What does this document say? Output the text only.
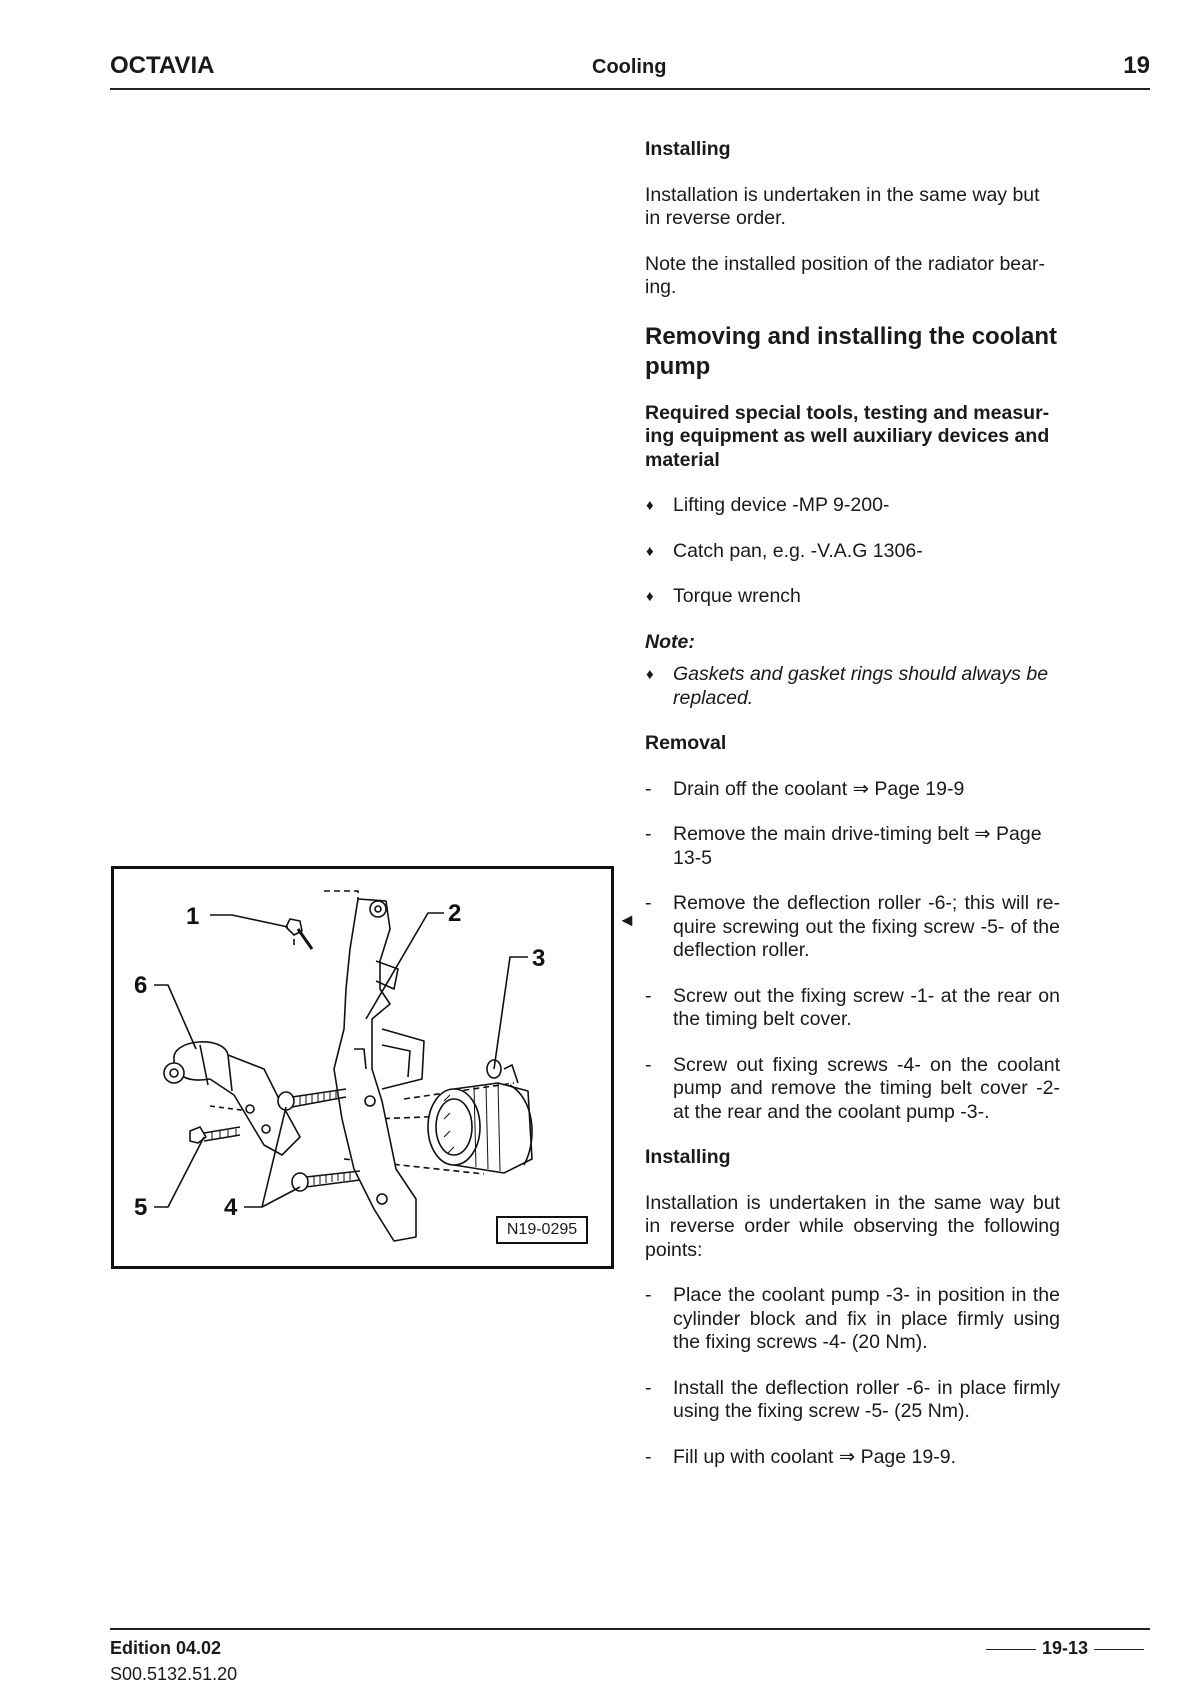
OCTAVIA	Cooling	19

Installing

Installation is undertaken in the same way but in reverse order.

Note the installed position of the radiator bear-ing.

Removing and installing the coolant pump

Required special tools, testing and measur-ing equipment as well auxiliary devices and material

♦ Lifting device -MP 9-200-
♦ Catch pan, e.g. -V.A.G 1306-
♦ Torque wrench

Note:

♦ Gaskets and gasket rings should always be replaced.

Removal

- Drain off the coolant ⇒ Page 19-9
- Remove the main drive-timing belt ⇒ Page 13-5
- Remove the deflection roller -6-; this will re-quire screwing out the fixing screw -5- of the deflection roller.
- Screw out the fixing screw -1- at the rear on the timing belt cover.
- Screw out fixing screws -4- on the coolant pump and remove the timing belt cover -2- at the rear and the coolant pump -3-.

Installing

Installation is undertaken in the same way but in reverse order while observing the following points:

- Place the coolant pump -3- in position in the cylinder block and fix in place firmly using the fixing screws -4- (20 Nm).
- Install the deflection roller -6- in place firmly using the fixing screw -5- (25 Nm).
- Fill up with coolant ⇒ Page 19-9.
◄
1	2
3
4
5
6
N19-0295
Edition 04.02
S00.5132.51.20
19-13
